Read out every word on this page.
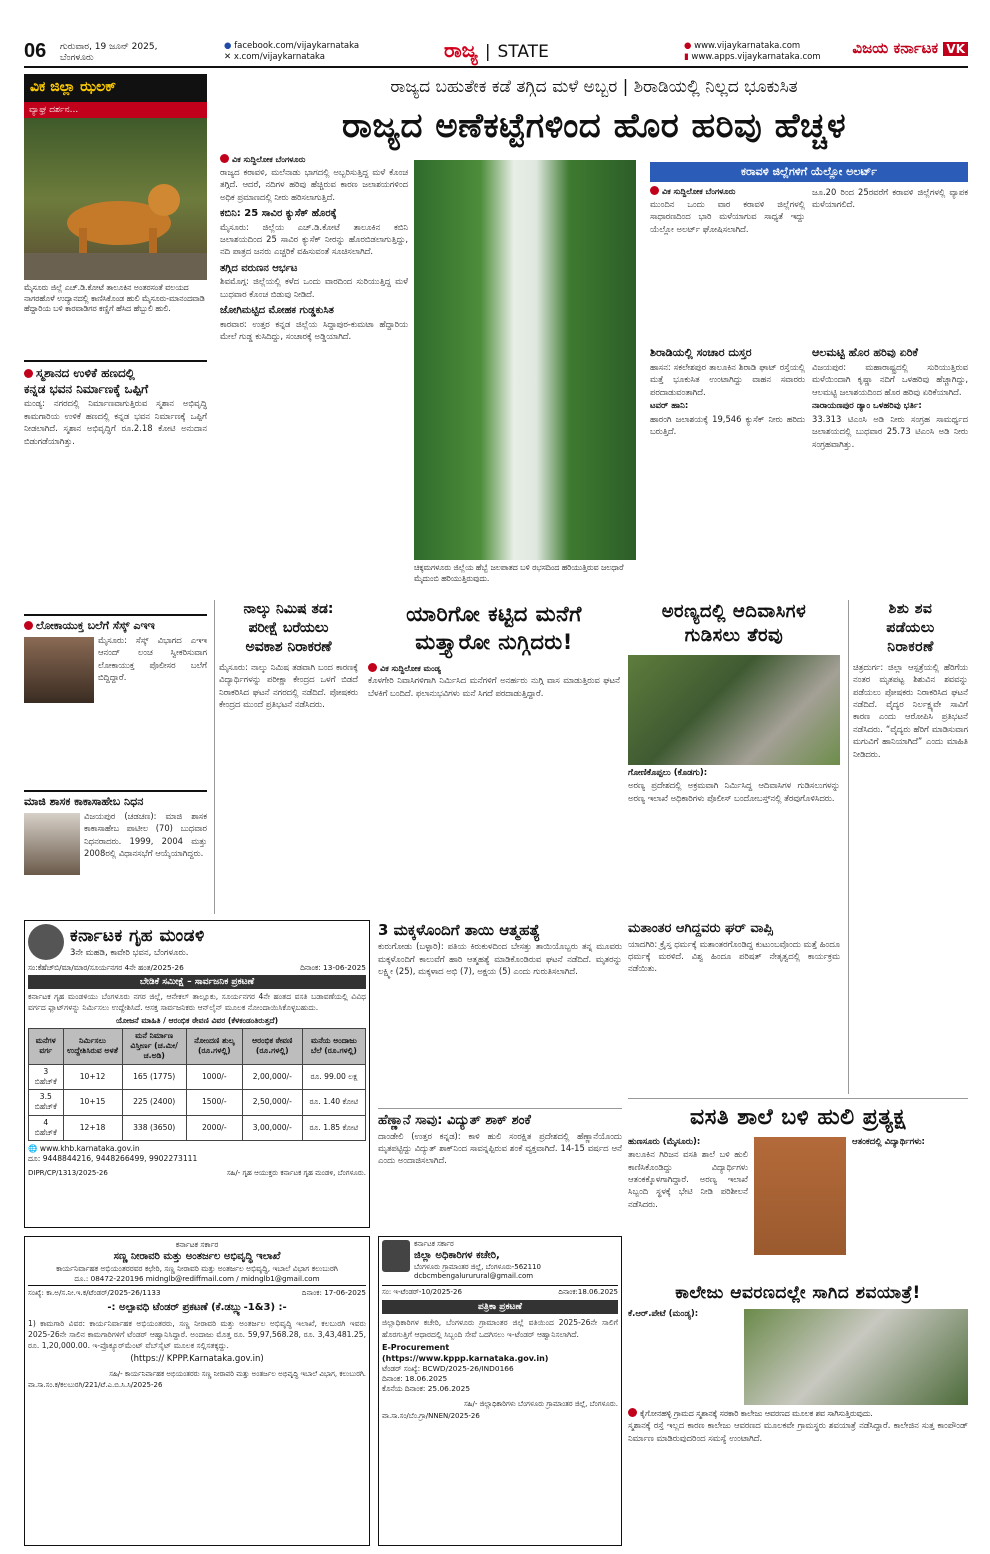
06 ಗುರುವಾರ, 19 ಜೂನ್ 2025,
ಬೆಂಗಳೂರು
● facebook.com/vijaykarnataka
✕ x.com/vijaykarnataka	ರಾಜ್ಯ | STATE	● www.vijaykarnataka.com
▮ www.apps.vijaykarnataka.com
ವಿಜಯ ಕರ್ನಾಟಕ VK
ವಿಕ ಜಿಲ್ಲಾ ಝಲಕ್
ವ್ಯಾಘ್ರ ದರ್ಶನ...
ಮೈಸೂರು ಜಿಲ್ಲೆ ಎಚ್.ಡಿ.ಕೋಟೆ ತಾಲೂಕಿನ ಅಂತರಸಂತೆ ವಲಯದ ನಾಗರಹೊಳೆ ಉದ್ಯಾನದಲ್ಲಿ ಕಾಣಿಸಿಕೊಂಡ ಹುಲಿ ಮೈಸೂರು-ಮಾನಂದವಾಡಿ ಹೆದ್ದಾರಿಯ ಬಳಿ ಕಾರವಾಡಿಗರ ಕಣ್ಣಿಗೆ ಹೆಸಿದ ಹೆಬ್ಬುಲಿ ಹುಲಿ.
ರಾಜ್ಯದ ಬಹುತೇಕ ಕಡೆ ತಗ್ಗಿದ ಮಳೆ ಅಬ್ಬರ | ಶಿರಾಡಿಯಲ್ಲಿ ನಿಲ್ಲದ ಭೂಕುಸಿತ
ರಾಜ್ಯದ ಅಣೆಕಟ್ಟೆಗಳಿಂದ ಹೊರ ಹರಿವು ಹೆಚ್ಚಳ
ವಿಕ ಸುದ್ದಿಲೋಕ ಬೆಂಗಳೂರು

ರಾಜ್ಯದ ಕರಾವಳಿ, ಮಲೆನಾಡು ಭಾಗದಲ್ಲಿ ಅಬ್ಬರಿಸುತ್ತಿದ್ದ ಮಳೆ ಕೊಂಚ ತಗ್ಗಿದೆ. ಆದರೆ, ನದಿಗಳ ಹರಿವು ಹೆಚ್ಚಿರುವ ಕಾರಣ ಜಲಾಶಯಗಳಿಂದ ಅಧಿಕ ಪ್ರಮಾಣದಲ್ಲಿ ನೀರು ಹರಿಸಲಾಗುತ್ತಿದೆ.

ಕಬಿನಿ: 25 ಸಾವಿರ ಕ್ಯುಸೆಕ್ ಹೊರಕ್ಕೆ

ಮೈಸೂರು: ಜಿಲ್ಲೆಯ ಎಚ್.ಡಿ.ಕೋಟೆ ತಾಲೂಕಿನ ಕಬಿನಿ ಜಲಾಶಯದಿಂದ 25 ಸಾವಿರ ಕ್ಯುಸೆಕ್ ನೀರನ್ನು ಹೊರಬಿಡಲಾಗುತ್ತಿದ್ದು, ನದಿ ಪಾತ್ರದ ಜನರು ಎಚ್ಚರಿಕೆ ವಹಿಸುವಂತೆ ಸೂಚಿಸಲಾಗಿದೆ.

ತಗ್ಗಿದ ವರುಣನ ಆರ್ಭಟ

ಶಿವಮೊಗ್ಗ: ಜಿಲ್ಲೆಯಲ್ಲಿ ಕಳೆದ ಒಂದು ವಾರದಿಂದ ಸುರಿಯುತ್ತಿದ್ದ ಮಳೆ ಬುಧವಾರ ಕೊಂಚ ಬಿಡುವು ನೀಡಿದೆ.

ಜೋಗಿಮಟ್ಟಿದ ಮೋಹಕ ಗುಡ್ಡಕುಸಿತ

ಕಾರವಾರ: ಉತ್ತರ ಕನ್ನಡ ಜಿಲ್ಲೆಯ ಸಿದ್ದಾಪುರ-ಕುಮಟಾ ಹೆದ್ದಾರಿಯ ಮೇಲೆ ಗುಡ್ಡ ಕುಸಿದಿದ್ದು, ಸಂಚಾರಕ್ಕೆ ಅಡ್ಡಿಯಾಗಿದೆ.

ಚಿಕ್ಕಮಗಳೂರು ಜಿಲ್ಲೆಯ ಹೆಬ್ಬೆ ಜಲಪಾತದ ಬಳಿ ರಭಸದಿಂದ ಹರಿಯುತ್ತಿರುವ ಜಲಧಾರೆ ಮೈದುಂಬಿ ಹರಿಯುತ್ತಿರುವುದು.
ಕರಾವಳಿ ಜಿಲ್ಲೆಗಳಿಗೆ ಯೆಲ್ಲೋ ಅಲರ್ಟ್
ವಿಕ ಸುದ್ದಿಲೋಕ ಬೆಂಗಳೂರು

ಮುಂದಿನ ಒಂದು ವಾರ ಕರಾವಳಿ ಜಿಲ್ಲೆಗಳಲ್ಲಿ ಸಾಧಾರಣದಿಂದ ಭಾರಿ ಮಳೆಯಾಗುವ ಸಾಧ್ಯತೆ ಇದ್ದು ಯೆಲ್ಲೋ ಅಲರ್ಟ್ ಘೋಷಿಸಲಾಗಿದೆ.

ಜೂ.20 ರಿಂದ 25ರವರೆಗೆ ಕರಾವಳಿ ಜಿಲ್ಲೆಗಳಲ್ಲಿ ವ್ಯಾಪಕ ಮಳೆಯಾಗಲಿದೆ.

ಶಿರಾಡಿಯಲ್ಲಿ ಸಂಚಾರ ದುಸ್ತರ

ಹಾಸನ: ಸಕಲೇಶಪುರ ತಾಲೂಕಿನ ಶಿರಾಡಿ ಘಾಟ್ ರಸ್ತೆಯಲ್ಲಿ ಮತ್ತೆ ಭೂಕುಸಿತ ಉಂಟಾಗಿದ್ದು ವಾಹನ ಸವಾರರು ಪರದಾಡುವಂತಾಗಿದೆ.

ಟವರ್ ಹಾನಿ:

ಹಾರಂಗಿ ಜಲಾಶಯಕ್ಕೆ 19,546 ಕ್ಯುಸೆಕ್ ನೀರು ಹರಿದು ಬರುತ್ತಿದೆ.

ಆಲಮಟ್ಟಿ ಹೊರ ಹರಿವು ಏರಿಕೆ

ವಿಜಯಪುರ: ಮಹಾರಾಷ್ಟ್ರದಲ್ಲಿ ಸುರಿಯುತ್ತಿರುವ ಮಳೆಯಿಂದಾಗಿ ಕೃಷ್ಣಾ ನದಿಗೆ ಒಳಹರಿವು ಹೆಚ್ಚಾಗಿದ್ದು, ಆಲಮಟ್ಟಿ ಜಲಾಶಯದಿಂದ ಹೊರ ಹರಿವು ಏರಿಕೆಯಾಗಿದೆ.

ನಾರಾಯಣಪುರ ಡ್ಯಾಂ ಒಳಹರಿವು ಭರ್ತಿ:

33.313 ಟಿಎಂಸಿ ಅಡಿ ನೀರು ಸಂಗ್ರಹ ಸಾಮರ್ಥ್ಯದ ಜಲಾಶಯದಲ್ಲಿ ಬುಧವಾರ 25.73 ಟಿಎಂಸಿ ಅಡಿ ನೀರು ಸಂಗ್ರಹವಾಗಿತ್ತು.

ಸ್ಮಶಾನದ ಉಳಿಕೆ ಹಣದಲ್ಲಿ
ಕನ್ನಡ ಭವನ ನಿರ್ಮಾಣಕ್ಕೆ ಒಪ್ಪಿಗೆ

ಮಂಡ್ಯ: ನಗರದಲ್ಲಿ ನಿರ್ಮಾಣವಾಗುತ್ತಿರುವ ಸ್ಮಶಾನ ಅಭಿವೃದ್ಧಿ ಕಾಮಗಾರಿಯ ಉಳಿಕೆ ಹಣದಲ್ಲಿ ಕನ್ನಡ ಭವನ ನಿರ್ಮಾಣಕ್ಕೆ ಒಪ್ಪಿಗೆ ನೀಡಲಾಗಿದೆ. ಸ್ಮಶಾನ ಅಭಿವೃದ್ಧಿಗೆ ರೂ.2.18 ಕೋಟಿ ಅನುದಾನ ಬಿಡುಗಡೆಯಾಗಿತ್ತು.

ಲೋಕಾಯುಕ್ತ ಬಲೆಗೆ ಸೆಸ್ಕ್ ಎಇಇ

ಮೈಸೂರು: ಸೆಸ್ಕ್ ವಿಭಾಗದ ಎಇಇ ಆನಂದ್ ಲಂಚ ಸ್ವೀಕರಿಸುವಾಗ ಲೋಕಾಯುಕ್ತ ಪೊಲೀಸರ ಬಲೆಗೆ ಬಿದ್ದಿದ್ದಾರೆ.

ಮಾಜಿ ಶಾಸಕ ಕಾಕಾಸಾಹೇಬ ನಿಧನ

ವಿಜಯಪುರ (ಚಡಚಣ): ಮಾಜಿ ಶಾಸಕ ಕಾಕಾಸಾಹೇಬ ಪಾಟೀಲ (70) ಬುಧವಾರ ನಿಧನರಾದರು. 1999, 2004 ಮತ್ತು 2008ರಲ್ಲಿ ವಿಧಾನಸಭೆಗೆ ಆಯ್ಕೆಯಾಗಿದ್ದರು.

ನಾಲ್ಕು ನಿಮಿಷ ತಡ:
ಪರೀಕ್ಷೆ ಬರೆಯಲು
ಅವಕಾಶ ನಿರಾಕರಣೆ

ಮೈಸೂರು: ನಾಲ್ಕು ನಿಮಿಷ ತಡವಾಗಿ ಬಂದ ಕಾರಣಕ್ಕೆ ವಿದ್ಯಾರ್ಥಿಗಳನ್ನು ಪರೀಕ್ಷಾ ಕೇಂದ್ರದ ಒಳಗೆ ಬಿಡದೆ ನಿರಾಕರಿಸಿದ ಘಟನೆ ನಗರದಲ್ಲಿ ನಡೆದಿದೆ. ಪೋಷಕರು ಕೇಂದ್ರದ ಮುಂದೆ ಪ್ರತಿಭಟನೆ ನಡೆಸಿದರು.

ಯಾರಿಗೋ ಕಟ್ಟಿದ ಮನೆಗೆ
ಮತ್ತ್ಯಾರೋ ನುಗ್ಗಿದರು!
ವಿಕ ಸುದ್ದಿಲೋಕ ಮಂಡ್ಯ

ಕೊಳಗೇರಿ ನಿವಾಸಿಗಳಿಗಾಗಿ ನಿರ್ಮಿಸಿದ ಮನೆಗಳಿಗೆ ಅನರ್ಹರು ನುಗ್ಗಿ ವಾಸ ಮಾಡುತ್ತಿರುವ ಘಟನೆ ಬೆಳಕಿಗೆ ಬಂದಿದೆ. ಫಲಾನುಭವಿಗಳು ಮನೆ ಸಿಗದೆ ಪರದಾಡುತ್ತಿದ್ದಾರೆ.

ಅರಣ್ಯದಲ್ಲಿ ಆದಿವಾಸಿಗಳ
ಗುಡಿಸಲು ತೆರವು
ಗೋಣಿಕೊಪ್ಪಲು (ಕೊಡಗು):

ಅರಣ್ಯ ಪ್ರದೇಶದಲ್ಲಿ ಅಕ್ರಮವಾಗಿ ನಿರ್ಮಿಸಿದ್ದ ಆದಿವಾಸಿಗಳ ಗುಡಿಸಲುಗಳನ್ನು ಅರಣ್ಯ ಇಲಾಖೆ ಅಧಿಕಾರಿಗಳು ಪೊಲೀಸ್ ಬಂದೋಬಸ್ತ್‌ನಲ್ಲಿ ತೆರವುಗೊಳಿಸಿದರು.

ಶಿಶು ಶವ
ಪಡೆಯಲು
ನಿರಾಕರಣೆ

ಚಿತ್ರದುರ್ಗ: ಜಿಲ್ಲಾ ಆಸ್ಪತ್ರೆಯಲ್ಲಿ ಹೆರಿಗೆಯ ನಂತರ ಮೃತಪಟ್ಟ ಶಿಶುವಿನ ಶವವನ್ನು ಪಡೆಯಲು ಪೋಷಕರು ನಿರಾಕರಿಸಿದ ಘಟನೆ ನಡೆದಿದೆ. ವೈದ್ಯರ ನಿರ್ಲಕ್ಷ್ಯವೇ ಸಾವಿಗೆ ಕಾರಣ ಎಂದು ಆರೋಪಿಸಿ ಪ್ರತಿಭಟನೆ ನಡೆಸಿದರು. “ವೈದ್ಯರು ಹೆರಿಗೆ ಮಾಡಿಸುವಾಗ ಮಗುವಿಗೆ ಹಾನಿಯಾಗಿದೆ” ಎಂದು ಮಾಹಿತಿ ನೀಡಿದರು.

ಕರ್ನಾಟಕ ಗೃಹ ಮಂಡಳಿ
3ನೇ ಮಹಡಿ, ಕಾವೇರಿ ಭವನ, ಬೆಂಗಳೂರು.
ಸಂ:ಕೆಹೆಚ್‌ಬಿ/ಮಾ/ಮಾರ/ಸೂರ್ಯನಗರ 4ನೇ ಹಂತ/2025-26	ದಿನಾಂಕ: 13-06-2025
ಬೇಡಿಕೆ ಸಮೀಕ್ಷೆ – ಸಾರ್ವಜನಿಕ ಪ್ರಕಟಣೆ

ಕರ್ನಾಟಕ ಗೃಹ ಮಂಡಳಿಯು ಬೆಂಗಳೂರು ನಗರ ಜಿಲ್ಲೆ, ಆನೇಕಲ್ ತಾಲ್ಲೂಕು, ಸೂರ್ಯನಗರ 4ನೇ ಹಂತದ ವಸತಿ ಬಡಾವಣೆಯಲ್ಲಿ ವಿವಿಧ ವರ್ಗದ ಫ್ಲಾಟ್‌ಗಳನ್ನು ನಿರ್ಮಿಸಲು ಉದ್ದೇಶಿಸಿದೆ. ಆಸಕ್ತ ಸಾರ್ವಜನಿಕರು ಆನ್‌ಲೈನ್ ಮೂಲಕ ನೋಂದಾಯಿಸಿಕೊಳ್ಳಬಹುದು.

ಯೋಜನೆ ಮಾಹಿತಿ / ಆರಂಭಿಕ ಠೇವಣಿ ವಿವರ (ಕೆಳಕಂಡಂತಿರುತ್ತದೆ)
ಮನೆಗಳ ವರ್ಗ	ನಿರ್ಮಿಸಲು ಉದ್ದೇಶಿಸಿರುವ ಅಳತೆ	ಮನೆ ನಿರ್ಮಾಣ ವಿಸ್ತೀರ್ಣ (ಚ.ಮೀ/ಚ.ಅಡಿ)	ನೋಂದಣಿ ಶುಲ್ಕ (ರೂ.ಗಳಲ್ಲಿ)	ಆರಂಭಿಕ ಠೇವಣಿ (ರೂ.ಗಳಲ್ಲಿ)	ಮನೆಯ ಅಂದಾಜು ಬೆಲೆ (ರೂ.ಗಳಲ್ಲಿ)
3 ಬಿಹೆಚ್‌ಕೆ	10+12	165 (1775)	1000/-	2,00,000/-	ರೂ. 99.00 ಲಕ್ಷ
3.5 ಬಿಹೆಚ್‌ಕೆ	10+15	225 (2400)	1500/-	2,50,000/-	ರೂ. 1.40 ಕೋಟಿ
4 ಬಿಹೆಚ್‌ಕೆ	12+18	338 (3650)	2000/-	3,00,000/-	ರೂ. 1.85 ಕೋಟಿ
🌐 www.khb.karnataka.gov.in
ದೂ: 9448844216, 9448266499, 9902273111
DIPR/CP/1313/2025-26	ಸಹಿ/- ಗೃಹ ಆಯುಕ್ತರು ಕರ್ನಾಟಕ ಗೃಹ ಮಂಡಳಿ, ಬೆಂಗಳೂರು.
3 ಮಕ್ಕಳೊಂದಿಗೆ ತಾಯಿ ಆತ್ಮಹತ್ಯೆ

ಕುರುಗೋಡು (ಬಳ್ಳಾರಿ): ಪತಿಯ ಕಿರುಕುಳದಿಂದ ಬೇಸತ್ತು ತಾಯಿಯೊಬ್ಬರು ತನ್ನ ಮೂವರು ಮಕ್ಕಳೊಂದಿಗೆ ಕಾಲುವೆಗೆ ಹಾರಿ ಆತ್ಮಹತ್ಯೆ ಮಾಡಿಕೊಂಡಿರುವ ಘಟನೆ ನಡೆದಿದೆ. ಮೃತರನ್ನು ಲಕ್ಷ್ಮೀ (25), ಮಕ್ಕಳಾದ ಅಭಿ (7), ಅಕ್ಷಯ (5) ಎಂದು ಗುರುತಿಸಲಾಗಿದೆ.

ಮತಾಂತರ ಆಗಿದ್ದವರು ಘರ್ ವಾಪ್ಸಿ

ಯಾದಗಿರಿ: ಕ್ರೈಸ್ತ ಧರ್ಮಕ್ಕೆ ಮತಾಂತರಗೊಂಡಿದ್ದ ಕುಟುಂಬವೊಂದು ಮತ್ತೆ ಹಿಂದೂ ಧರ್ಮಕ್ಕೆ ಮರಳಿದೆ. ವಿಶ್ವ ಹಿಂದೂ ಪರಿಷತ್ ನೇತೃತ್ವದಲ್ಲಿ ಕಾರ್ಯಕ್ರಮ ನಡೆಯಿತು.

ಹೆಣ್ಣಾನೆ ಸಾವು: ವಿದ್ಯುತ್ ಶಾಕ್ ಶಂಕೆ

ದಾಂಡೇಲಿ (ಉತ್ತರ ಕನ್ನಡ): ಕಾಳಿ ಹುಲಿ ಸಂರಕ್ಷಿತ ಪ್ರದೇಶದಲ್ಲಿ ಹೆಣ್ಣಾನೆಯೊಂದು ಮೃತಪಟ್ಟಿದ್ದು ವಿದ್ಯುತ್ ಶಾಕ್‌ನಿಂದ ಸಾವನ್ನಪ್ಪಿರುವ ಶಂಕೆ ವ್ಯಕ್ತವಾಗಿದೆ. 14-15 ವರ್ಷದ ಆನೆ ಎಂದು ಅಂದಾಜಿಸಲಾಗಿದೆ.

ವಸತಿ ಶಾಲೆ ಬಳಿ ಹುಲಿ ಪ್ರತ್ಯಕ್ಷ
ಹುಣಸೂರು (ಮೈಸೂರು):

ತಾಲೂಕಿನ ಗಿರಿಜನ ವಸತಿ ಶಾಲೆ ಬಳಿ ಹುಲಿ ಕಾಣಿಸಿಕೊಂಡಿದ್ದು ವಿದ್ಯಾರ್ಥಿಗಳು ಆತಂಕಕ್ಕೊಳಗಾಗಿದ್ದಾರೆ. ಅರಣ್ಯ ಇಲಾಖೆ ಸಿಬ್ಬಂದಿ ಸ್ಥಳಕ್ಕೆ ಭೇಟಿ ನೀಡಿ ಪರಿಶೀಲನೆ ನಡೆಸಿದರು.

ಆತಂಕದಲ್ಲಿ ವಿದ್ಯಾರ್ಥಿಗಳು:
ಕಾಲೇಜು ಆವರಣದಲ್ಲೇ ಸಾಗಿದ ಶವಯಾತ್ರೆ!
ಕೆ.ಆರ್.ಪೇಟೆ (ಮಂಡ್ಯ):
ಕೈಗೋನಹಳ್ಳಿ ಗ್ರಾಮದ ಸ್ಮಶಾನಕ್ಕೆ ಸರಕಾರಿ ಕಾಲೇಜು ಆವರಣದ ಮೂಲಕ ಶವ ಸಾಗಿಸುತ್ತಿರುವುದು.

ಸ್ಮಶಾನಕ್ಕೆ ರಸ್ತೆ ಇಲ್ಲದ ಕಾರಣ ಕಾಲೇಜು ಆವರಣದ ಮೂಲಕವೇ ಗ್ರಾಮಸ್ಥರು ಶವಯಾತ್ರೆ ನಡೆಸಿದ್ದಾರೆ. ಕಾಲೇಜಿನ ಸುತ್ತ ಕಾಂಪೌಂಡ್ ನಿರ್ಮಾಣ ಮಾಡಿರುವುದರಿಂದ ಸಮಸ್ಯೆ ಉಂಟಾಗಿದೆ.

ಕರ್ನಾಟಕ ಸರ್ಕಾರ
ಸಣ್ಣ ನೀರಾವರಿ ಮತ್ತು ಅಂತರ್ಜಲ ಅಭಿವೃದ್ಧಿ ಇಲಾಖೆ
ಕಾರ್ಯನಿರ್ವಾಹಕ ಅಭಿಯಂತರರವರ ಕಛೇರಿ, ಸಣ್ಣ ನೀರಾವರಿ ಮತ್ತು ಅಂತರ್ಜಲ ಅಭಿವೃದ್ಧಿ, ಇಬಾಲೆ ವಿಭಾಗ ಕಲುಬುರಗಿ
ದೂ.: 08472-220196 midnglb@rediffmail.com / midnglb1@gmail.com
ಸಂಖ್ಯೆ: ಕಾ.ಅ/ಸ.ನೀ.ಇ.ಕ/ಟೆಂಡರ್/2025-26/1133	ದಿನಾಂಕ: 17-06-2025
-: ಅಲ್ಪಾವಧಿ ಟೆಂಡರ್ ಪ್ರಕಟಣೆ (ಕೆ.ಡಬ್ಲ್ಯು-1&3) :-

1) ಕಾಮಗಾರಿ ವಿವರ: ಕಾರ್ಯನಿರ್ವಾಹಕ ಅಭಿಯಂತರರು, ಸಣ್ಣ ನೀರಾವರಿ ಮತ್ತು ಅಂತರ್ಜಲ ಅಭಿವೃದ್ಧಿ ಇಲಾಖೆ, ಕಲಬುರಗಿ ಇವರು 2025-26ನೇ ಸಾಲಿನ ಕಾಮಗಾರಿಗಳಿಗೆ ಟೆಂಡರ್ ಆಹ್ವಾನಿಸಿದ್ದಾರೆ. ಅಂದಾಜು ಮೊತ್ತ ರೂ. 59,97,568.28, ರೂ. 3,43,481.25, ರೂ. 1,20,000.00. ಇ-ಪ್ರೊಕ್ಯೂರ್‌ಮೆಂಟ್ ವೆಬ್‌ಸೈಟ್ ಮೂಲಕ ಸಲ್ಲಿಸತಕ್ಕದ್ದು.

(https:// KPPP.Karnataka.gov.in)
ಸಹಿ/- ಕಾರ್ಯನಿರ್ವಾಹಕ ಅಭಿಯಂತರರು ಸಣ್ಣ ನೀರಾವರಿ ಮತ್ತು ಅಂತರ್ಜಲ ಅಭಿವೃದ್ಧಿ ಇಬಾಲೆ ವಿಭಾಗ, ಕಲುಬುರಗಿ.
ವಾ.ಸಾ.ಸಂ.ಕ/ಕಲಬುರಗಿ/221/ಟೆ.ಎ.ಬಿ.ಸಿ.ಸಿ/2025-26
ಕರ್ನಾಟಕ ಸರ್ಕಾರ
ಜಿಲ್ಲಾ ಅಧಿಕಾರಿಗಳ ಕಚೇರಿ,
ಬೆಂಗಳೂರು ಗ್ರಾಮಾಂತರ ಜಿಲ್ಲೆ, ಬೆಂಗಳೂರು-562110
dcbcmbengalururural@gmail.com
ಸಂ: ಇ-ಟೆಂಡರ್-10/2025-26	ದಿನಾಂಕ:18.06.2025
ಪತ್ರಿಕಾ ಪ್ರಕಟಣೆ

ಜಿಲ್ಲಾಧಿಕಾರಿಗಳ ಕಚೇರಿ, ಬೆಂಗಳೂರು ಗ್ರಾಮಾಂತರ ಜಿಲ್ಲೆ ವತಿಯಿಂದ 2025-26ನೇ ಸಾಲಿಗೆ ಹೊರಗುತ್ತಿಗೆ ಆಧಾರದಲ್ಲಿ ಸಿಬ್ಬಂದಿ ಸೇವೆ ಒದಗಿಸಲು ಇ-ಟೆಂಡರ್ ಆಹ್ವಾನಿಸಲಾಗಿದೆ.

E-Procurement
(https://www.kppp.karnataka.gov.in)
ಟೆಂಡರ್ ಸಂಖ್ಯೆ: BCWD/2025-26/IND0166
ದಿನಾಂಕ: 18.06.2025
ಕೊನೆಯ ದಿನಾಂಕ: 25.06.2025
ಸಹಿ/- ಜಿಲ್ಲಾಧಿಕಾರಿಗಳು ಬೆಂಗಳೂರು ಗ್ರಾಮಾಂತರ ಜಿಲ್ಲೆ, ಬೆಂಗಳೂರು.
ವಾ.ಸಾ.ಸಂ/ಬೆಂ.ಗ್ರಾ/NNEN/2025-26
